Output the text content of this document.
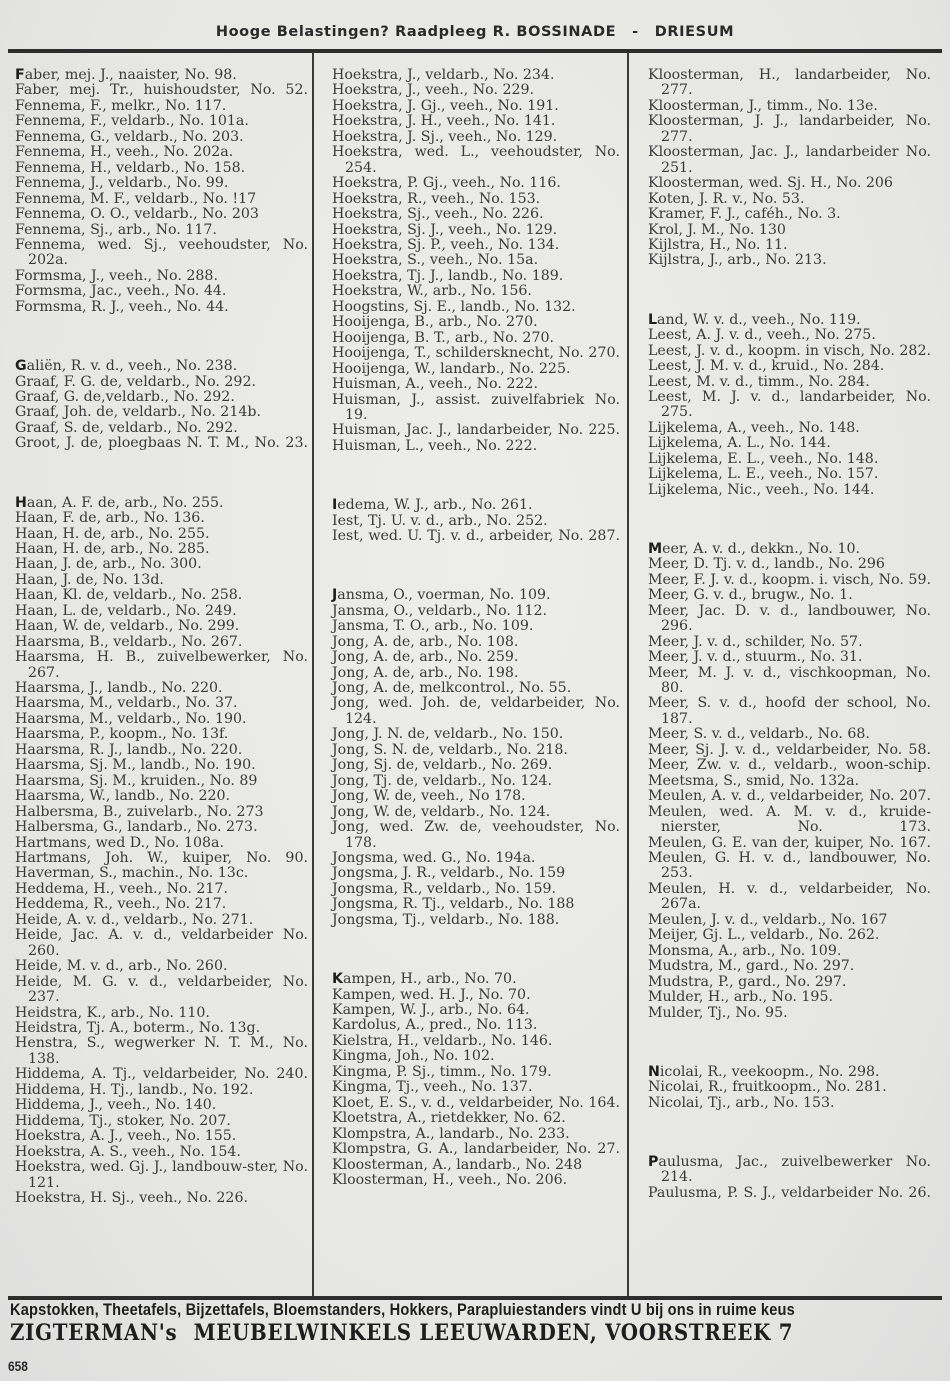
Hooge Belastingen? Raadpleeg R. BOSSINADE - DRIESUM

Faber, mej. J., naaister, No. 98.

Faber, mej. Tr., huishoudster, No. 52.

Fennema, F., melkr., No. 117.

Fennema, F., veldarb., No. 101a.

Fennema, G., veldarb., No. 203.

Fennema, H., veeh., No. 202a.

Fennema, H., veldarb., No. 158.

Fennema, J., veldarb., No. 99.

Fennema, M. F., veldarb., No. !17

Fennema, O. O., veldarb., No. 203

Fennema, Sj., arb., No. 117.

Fennema, wed. Sj., veehoudster, No. 202a.

Formsma, J., veeh., No. 288.

Formsma, Jac., veeh., No. 44.

Formsma, R. J., veeh., No. 44.

Galiën, R. v. d., veeh., No. 238.

Graaf, F. G. de, veldarb., No. 292.

Graaf, G. de,veldarb., No. 292.

Graaf, Joh. de, veldarb., No. 214b.

Graaf, S. de, veldarb., No. 292.

Groot, J. de, ploegbaas N. T. M., No. 23.

Haan, A. F. de, arb., No. 255.

Haan, F. de, arb., No. 136.

Haan, H. de, arb., No. 255.

Haan, H. de, arb., No. 285.

Haan, J. de, arb., No. 300.

Haan, J. de, No. 13d.

Haan, Kl. de, veldarb., No. 258.

Haan, L. de, veldarb., No. 249.

Haan, W. de, veldarb., No. 299.

Haarsma, B., veldarb., No. 267.

Haarsma, H. B., zuivelbewerker, No. 267.

Haarsma, J., landb., No. 220.

Haarsma, M., veldarb., No. 37.

Haarsma, M., veldarb., No. 190.

Haarsma, P., koopm., No. 13f.

Haarsma, R. J., landb., No. 220.

Haarsma, Sj. M., landb., No. 190.

Haarsma, Sj. M., kruiden., No. 89

Haarsma, W., landb., No. 220.

Halbersma, B., zuivelarb., No. 273

Halbersma, G., landarb., No. 273.

Hartmans, wed D., No. 108a.

Hartmans, Joh. W., kuiper, No. 90.

Haverman, S., machin., No. 13c.

Heddema, H., veeh., No. 217.

Heddema, R., veeh., No. 217.

Heide, A. v. d., veldarb., No. 271.

Heide, Jac. A. v. d., veldarbeider No. 260.

Heide, M. v. d., arb., No. 260.

Heide, M. G. v. d., veldarbeider, No. 237.

Heidstra, K., arb., No. 110.

Heidstra, Tj. A., boterm., No. 13g.

Henstra, S., wegwerker N. T. M., No. 138.

Hiddema, A. Tj., veldarbeider, No. 240.

Hiddema, H. Tj., landb., No. 192.

Hiddema, J., veeh., No. 140.

Hiddema, Tj., stoker, No. 207.

Hoekstra, A. J., veeh., No. 155.

Hoekstra, A. S., veeh., No. 154.

Hoekstra, wed. Gj. J., landbouw-ster, No. 121.

Hoekstra, H. Sj., veeh., No. 226.

Hoekstra, J., veldarb., No. 234.

Hoekstra, J., veeh., No. 229.

Hoekstra, J. Gj., veeh., No. 191.

Hoekstra, J. H., veeh., No. 141.

Hoekstra, J. Sj., veeh., No. 129.

Hoekstra, wed. L., veehoudster, No. 254.

Hoekstra, P. Gj., veeh., No. 116.

Hoekstra, R., veeh., No. 153.

Hoekstra, Sj., veeh., No. 226.

Hoekstra, Sj. J., veeh., No. 129.

Hoekstra, Sj. P., veeh., No. 134.

Hoekstra, S., veeh., No. 15a.

Hoekstra, Tj. J., landb., No. 189.

Hoekstra, W., arb., No. 156.

Hoogstins, Sj. E., landb., No. 132.

Hooijenga, B., arb., No. 270.

Hooijenga, B. T., arb., No. 270.

Hooijenga, T., schildersknecht, No. 270.

Hooijenga, W., landarb., No. 225.

Huisman, A., veeh., No. 222.

Huisman, J., assist. zuivelfabriek No. 19.

Huisman, Jac. J., landarbeider, No. 225.

Huisman, L., veeh., No. 222.

Iedema, W. J., arb., No. 261.

Iest, Tj. U. v. d., arb., No. 252.

Iest, wed. U. Tj. v. d., arbeider, No. 287.

Jansma, O., voerman, No. 109.

Jansma, O., veldarb., No. 112.

Jansma, T. O., arb., No. 109.

Jong, A. de, arb., No. 108.

Jong, A. de, arb., No. 259.

Jong, A. de, arb., No. 198.

Jong, A. de, melkcontrol., No. 55.

Jong, wed. Joh. de, veldarbeider, No. 124.

Jong, J. N. de, veldarb., No. 150.

Jong, S. N. de, veldarb., No. 218.

Jong, Sj. de, veldarb., No. 269.

Jong, Tj. de, veldarb., No. 124.

Jong, W. de, veeh., No 178.

Jong, W. de, veldarb., No. 124.

Jong, wed. Zw. de, veehoudster, No. 178.

Jongsma, wed. G., No. 194a.

Jongsma, J. R., veldarb., No. 159

Jongsma, R., veldarb., No. 159.

Jongsma, R. Tj., veldarb., No. 188

Jongsma, Tj., veldarb., No. 188.

Kampen, H., arb., No. 70.

Kampen, wed. H. J., No. 70.

Kampen, W. J., arb., No. 64.

Kardolus, A., pred., No. 113.

Kielstra, H., veldarb., No. 146.

Kingma, Joh., No. 102.

Kingma, P. Sj., timm., No. 179.

Kingma, Tj., veeh., No. 137.

Kloet, E. S., v. d., veldarbeider, No. 164.

Kloetstra, A., rietdekker, No. 62.

Klompstra, A., landarb., No. 233.

Klompstra, G. A., landarbeider, No. 27.

Kloosterman, A., landarb., No. 248

Kloosterman, H., veeh., No. 206.

Kloosterman, H., landarbeider, No. 277.

Kloosterman, J., timm., No. 13e.

Kloosterman, J. J., landarbeider, No. 277.

Kloosterman, Jac. J., landarbeider No. 251.

Kloosterman, wed. Sj. H., No. 206

Koten, J. R. v., No. 53.

Kramer, F. J., caféh., No. 3.

Krol, J. M., No. 130

Kijlstra, H., No. 11.

Kijlstra, J., arb., No. 213.

Land, W. v. d., veeh., No. 119.

Leest, A. J. v. d., veeh., No. 275.

Leest, J. v. d., koopm. in visch, No. 282.

Leest, J. M. v. d., kruid., No. 284.

Leest, M. v. d., timm., No. 284.

Leest, M. J. v. d., landarbeider, No. 275.

Lijkelema, A., veeh., No. 148.

Lijkelema, A. L., No. 144.

Lijkelema, E. L., veeh., No. 148.

Lijkelema, L. E., veeh., No. 157.

Lijkelema, Nic., veeh., No. 144.

Meer, A. v. d., dekkn., No. 10.

Meer, D. Tj. v. d., landb., No. 296

Meer, F. J. v. d., koopm. i. visch, No. 59.

Meer, G. v. d., brugw., No. 1.

Meer, Jac. D. v. d., landbouwer, No. 296.

Meer, J. v. d., schilder, No. 57.

Meer, J. v. d., stuurm., No. 31.

Meer, M. J. v. d., vischkoopman, No. 80.

Meer, S. v. d., hoofd der school, No. 187.

Meer, S. v. d., veldarb., No. 68.

Meer, Sj. J. v. d., veldarbeider, No. 58.

Meer, Zw. v. d., veldarb., woon-schip.

Meetsma, S., smid, No. 132a.

Meulen, A. v. d., veldarbeider, No. 207.

Meulen, wed. A. M. v. d., kruide-nierster, No. 173.

Meulen, G. E. van der, kuiper, No. 167.

Meulen, G. H. v. d., landbouwer, No. 253.

Meulen, H. v. d., veldarbeider, No. 267a.

Meulen, J. v. d., veldarb., No. 167

Meijer, Gj. L., veldarb., No. 262.

Monsma, A., arb., No. 109.

Mudstra, M., gard., No. 297.

Mudstra, P., gard., No. 297.

Mulder, H., arb., No. 195.

Mulder, Tj., No. 95.

Nicolai, R., veekoopm., No. 298.

Nicolai, R., fruitkoopm., No. 281.

Nicolai, Tj., arb., No. 153.

Paulusma, Jac., zuivelbewerker No. 214.

Paulusma, P. S. J., veldarbeider No. 26.

Kapstokken, Theetafels, Bijzettafels, Bloemstanders, Hokkers, Parapluiestanders vindt U bij ons in ruime keus
ZIGTERMAN's MEUBELWINKELS LEEUWARDEN, VOORSTREEK 7
658
